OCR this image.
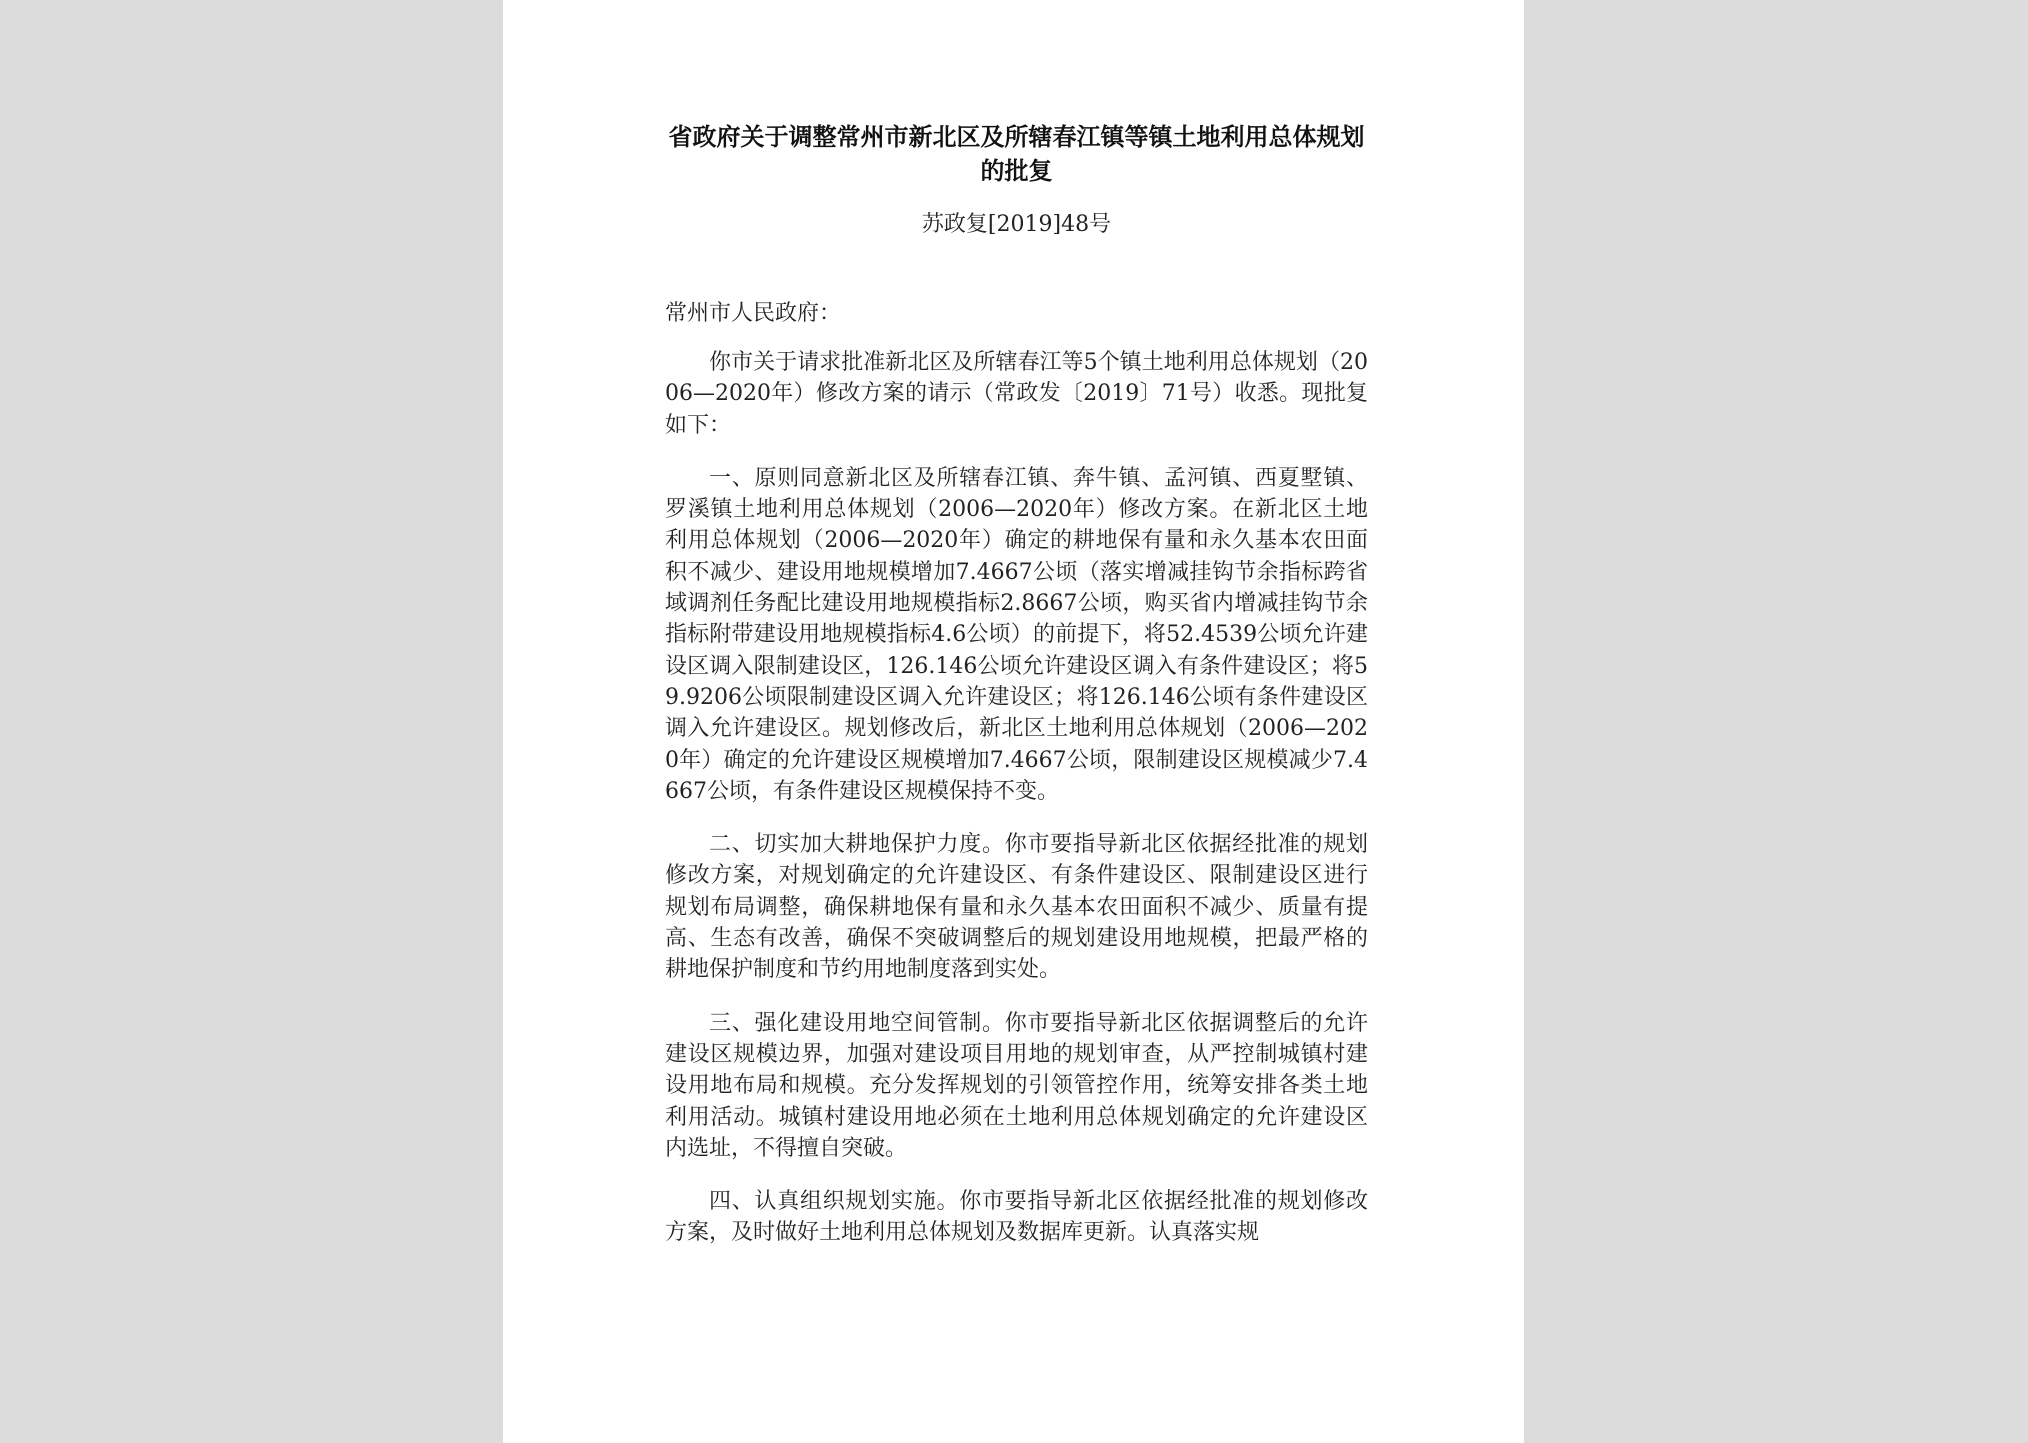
省政府关于调整常州市新北区及所辖春江镇等镇土地利用总体规划的批复
苏政复[2019]48号
常州市人民政府：

你市关于请求批准新北区及所辖春江等5个镇土地利用总体规划（2006—2020年）修改方案的请示（常政发〔2019〕71号）收悉。现批复如下：

一、原则同意新北区及所辖春江镇、奔牛镇、孟河镇、西夏墅镇、罗溪镇土地利用总体规划（2006—2020年）修改方案。在新北区土地利用总体规划（2006—2020年）确定的耕地保有量和永久基本农田面积不减少、建设用地规模增加7.4667公顷（落实增减挂钩节余指标跨省域调剂任务配比建设用地规模指标2.8667公顷，购买省内增减挂钩节余指标附带建设用地规模指标4.6公顷）的前提下，将52.4539公顷允许建设区调入限制建设区，126.146公顷允许建设区调入有条件建设区；将59.9206公顷限制建设区调入允许建设区；将126.146公顷有条件建设区调入允许建设区。规划修改后，新北区土地利用总体规划（2006—2020年）确定的允许建设区规模增加7.4667公顷，限制建设区规模减少7.4667公顷，有条件建设区规模保持不变。

二、切实加大耕地保护力度。你市要指导新北区依据经批准的规划修改方案，对规划确定的允许建设区、有条件建设区、限制建设区进行规划布局调整，确保耕地保有量和永久基本农田面积不减少、质量有提高、生态有改善，确保不突破调整后的规划建设用地规模，把最严格的耕地保护制度和节约用地制度落到实处。

三、强化建设用地空间管制。你市要指导新北区依据调整后的允许建设区规模边界，加强对建设项目用地的规划审查，从严控制城镇村建设用地布局和规模。充分发挥规划的引领管控作用，统筹安排各类土地利用活动。城镇村建设用地必须在土地利用总体规划确定的允许建设区内选址，不得擅自突破。

四、认真组织规划实施。你市要指导新北区依据经批准的规划修改方案，及时做好土地利用总体规划及数据库更新。认真落实规
